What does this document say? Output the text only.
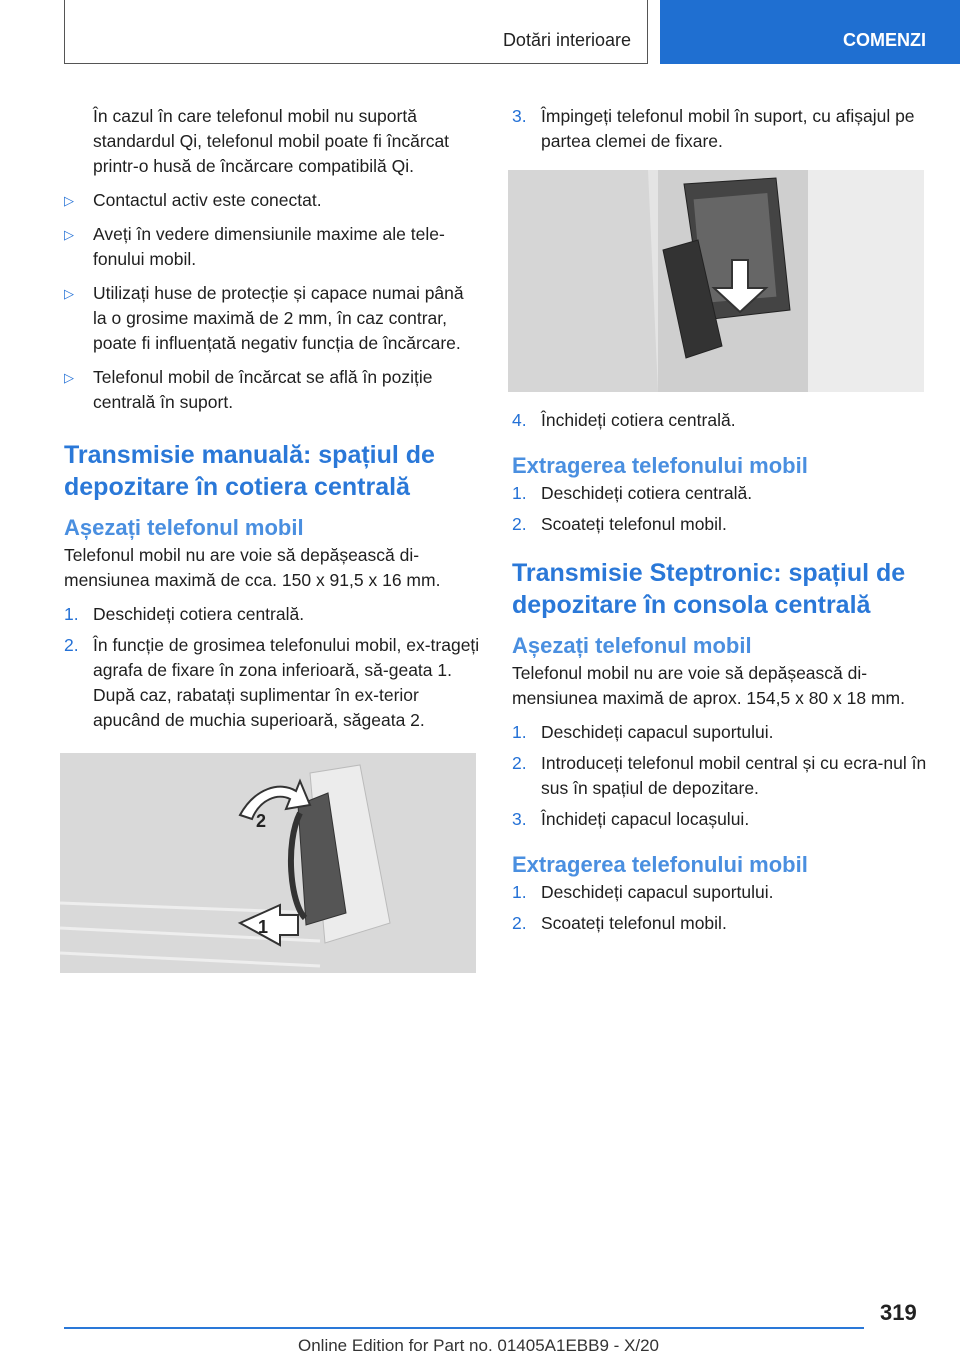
Dotări interioare	COMENZI

În cazul în care telefonul mobil nu suportă standardul Qi, telefonul mobil poate fi încărcat printr-o husă de încărcare compatibilă Qi.

▷ Contactul activ este conectat.
▷ Aveți în vedere dimensiunile maxime ale tele-fonului mobil.
▷ Utilizați huse de protecție și capace numai până la o grosime maximă de 2 mm, în caz contrar, poate fi influențată negativ funcția de încărcare.
▷ Telefonul mobil de încărcat se află în poziție centrală în suport.
Transmisie manuală: spațiul de depozitare în cotiera centrală
Așezați telefonul mobil

Telefonul mobil nu are voie să depășească di-mensiunea maximă de cca. 150 x 91,5 x 16 mm.

1. Deschideți cotiera centrală.
2. În funcție de grosimea telefonului mobil, ex-trageți agrafa de fixare în zona inferioară, să-geata 1. După caz, rabatați suplimentar în ex-terior apucând de muchia superioară, săgeata 2.
1
2
3. Împingeți telefonul mobil în suport, cu afișajul pe partea clemei de fixare.
4. Închideți cotiera centrală.
Extragerea telefonului mobil
1. Deschideți cotiera centrală.
2. Scoateți telefonul mobil.
Transmisie Steptronic: spațiul de depozitare în consola centrală
Așezați telefonul mobil

Telefonul mobil nu are voie să depășească di-mensiunea maximă de aprox. 154,5 x 80 x 18 mm.

1. Deschideți capacul suportului.
2. Introduceți telefonul mobil central și cu ecra-nul în sus în spațiul de depozitare.
3. Închideți capacul locașului.
Extragerea telefonului mobil
1. Deschideți capacul suportului.
2. Scoateți telefonul mobil.
319
Online Edition for Part no. 01405A1EBB9 - X/20
